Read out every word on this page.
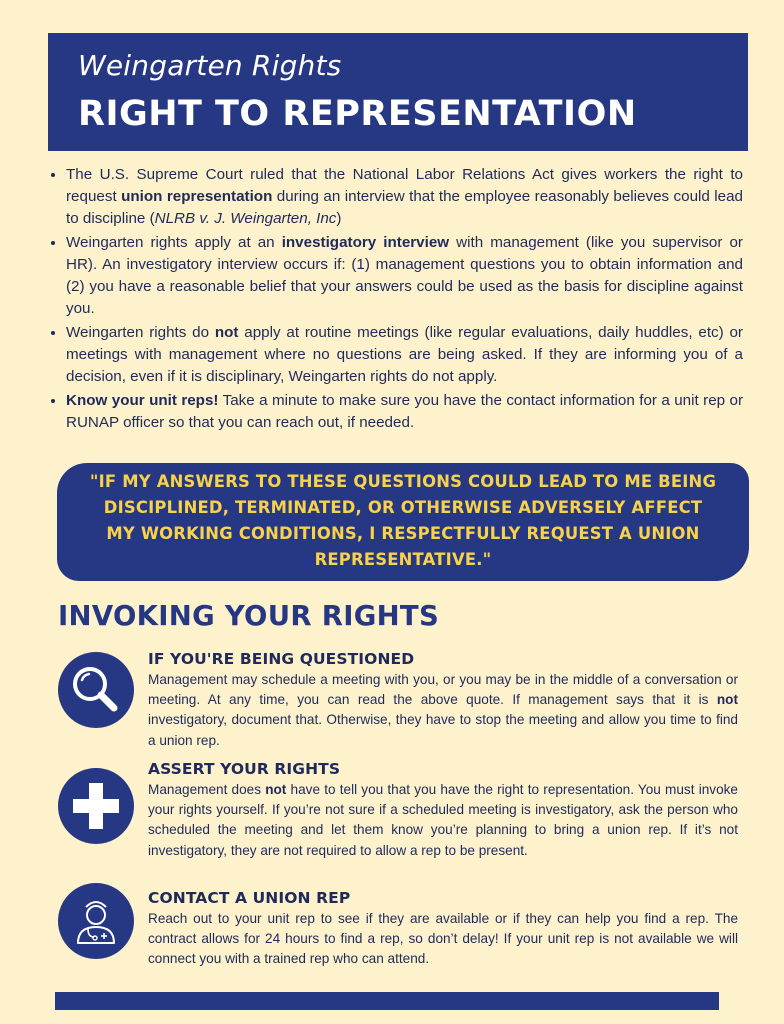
Weingarten Rights
RIGHT TO REPRESENTATION
• The U.S. Supreme Court ruled that the National Labor Relations Act gives workers the right to request union representation during an interview that the employee reasonably believes could lead to discipline (NLRB v. J. Weingarten, Inc)
• Weingarten rights apply at an investigatory interview with management (like you supervisor or HR). An investigatory interview occurs if: (1) management questions you to obtain information and (2) you have a reasonable belief that your answers could be used as the basis for discipline against you.
• Weingarten rights do not apply at routine meetings (like regular evaluations, daily huddles, etc) or meetings with management where no questions are being asked. If they are informing you of a decision, even if it is disciplinary, Weingarten rights do not apply.
• Know your unit reps! Take a minute to make sure you have the contact information for a unit rep or RUNAP officer so that you can reach out, if needed.

"IF MY ANSWERS TO THESE QUESTIONS COULD LEAD TO ME BEING DISCIPLINED, TERMINATED, OR OTHERWISE ADVERSELY AFFECT MY WORKING CONDITIONS, I RESPECTFULLY REQUEST A UNION REPRESENTATIVE."

INVOKING YOUR RIGHTS
IF YOU'RE BEING QUESTIONED

Management may schedule a meeting with you, or you may be in the middle of a conversation or meeting. At any time, you can read the above quote. If management says that it is not investigatory, document that. Otherwise, they have to stop the meeting and allow you time to find a union rep.

ASSERT YOUR RIGHTS

Management does not have to tell you that you have the right to representation. You must invoke your rights yourself. If you’re not sure if a scheduled meeting is investigatory, ask the person who scheduled the meeting and let them know you’re planning to bring a union rep. If it’s not investigatory, they are not required to allow a rep to be present.

CONTACT A UNION REP

Reach out to your unit rep to see if they are available or if they can help you find a rep. The contract allows for 24 hours to find a rep, so don’t delay! If your unit rep is not available we will connect you with a trained rep who can attend.
